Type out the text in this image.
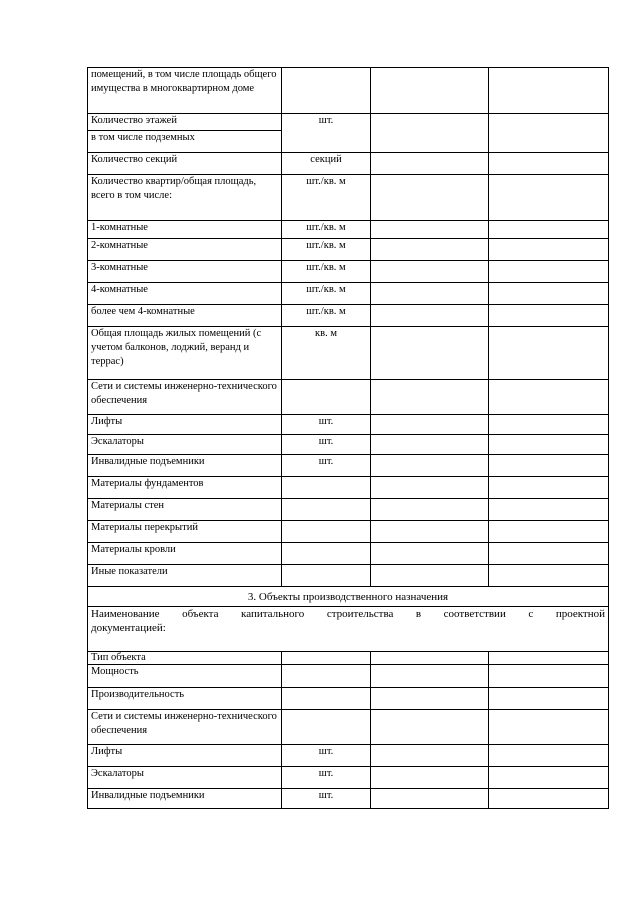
помещений, в том числе площадь общего имущества в многоквартирном доме			
Количество этажей	шт.		
в том числе подземных			
Количество секций	секций		
Количество квартир/общая площадь, всего в том числе:	шт./кв. м		
1-комнатные	шт./кв. м		
2-комнатные	шт./кв. м		
3-комнатные	шт./кв. м		
4-комнатные	шт./кв. м		
более чем 4-комнатные	шт./кв. м		
Общая площадь жилых помещений (с учетом балконов, лоджий, веранд и террас)	кв. м		
Сети и системы инженерно-технического обеспечения			
Лифты	шт.		
Эскалаторы	шт.		
Инвалидные подъемники	шт.		
Материалы фундаментов			
Материалы стен			
Материалы перекрытий			
Материалы кровли			
Иные показатели			
3. Объекты производственного назначения			

Наименование объекта капитального строительства в соответствии с проектной
документацией:			
Тип объекта			
Мощность			
Производительность			
Сети и системы инженерно-технического обеспечения			
Лифты	шт.		
Эскалаторы	шт.		
Инвалидные подъемники	шт.		
